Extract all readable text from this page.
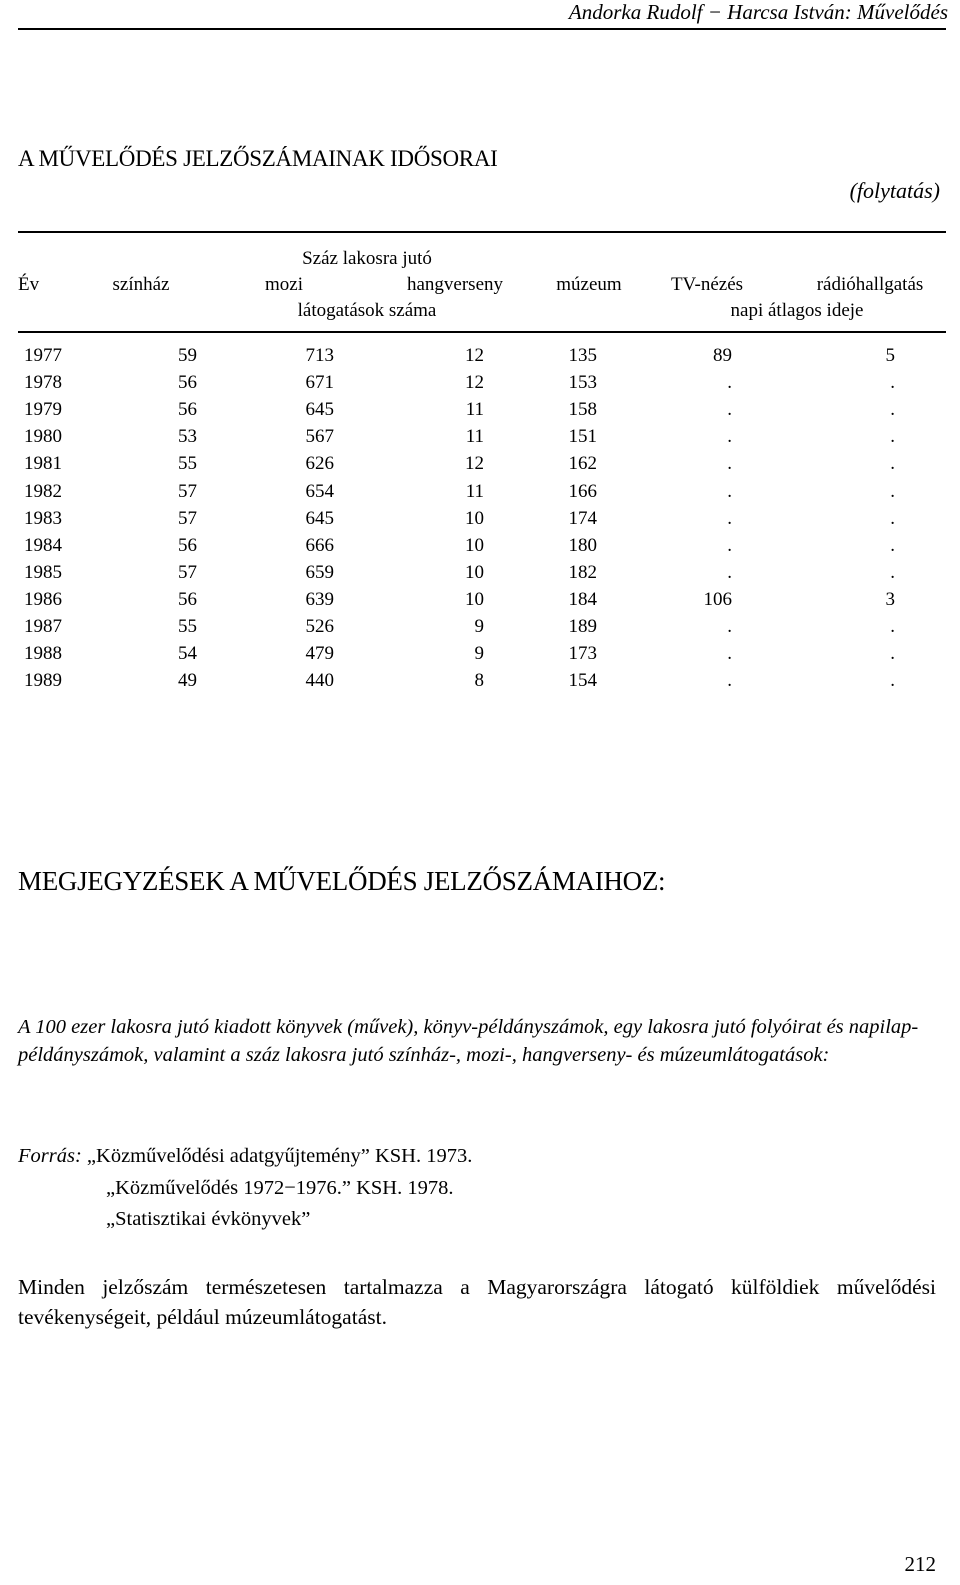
Andorka Rudolf − Harcsa István: Művelődés
A MŰVELŐDÉS JELZŐSZÁMAINAK IDŐSORAI
(folytatás)
Száz lakosra jutó
Év	színház	mozi	hangverseny	múzeum	TV-nézés	rádióhallgatás
látogatások száma	napi átlagos ideje
1977	59	713	12	135	89	5
1978	56	671	12	153	.	.
1979	56	645	11	158	.	.
1980	53	567	11	151	.	.
1981	55	626	12	162	.	.
1982	57	654	11	166	.	.
1983	57	645	10	174	.	.
1984	56	666	10	180	.	.
1985	57	659	10	182	.	.
1986	56	639	10	184	106	3
1987	55	526	9	189	.	.
1988	54	479	9	173	.	.
1989	49	440	8	154	.	.
MEGJEGYZÉSEK A MŰVELŐDÉS JELZŐSZÁMAIHOZ:
A 100 ezer lakosra jutó kiadott könyvek (művek), könyv-példányszámok, egy lakosra jutó folyóirat és napilap-példányszámok, valamint a száz lakosra jutó színház-, mozi-, hangverseny- és múzeumlátogatások:
Forrás: „Közművelődési adatgyűjtemény” KSH. 1973.
„Közművelődés 1972−1976.” KSH. 1978.
„Statisztikai évkönyvek”
Minden jelzőszám természetesen tartalmazza a Magyarországra látogató külföldiek művelődési tevékenységeit, például múzeumlátogatást.
212
